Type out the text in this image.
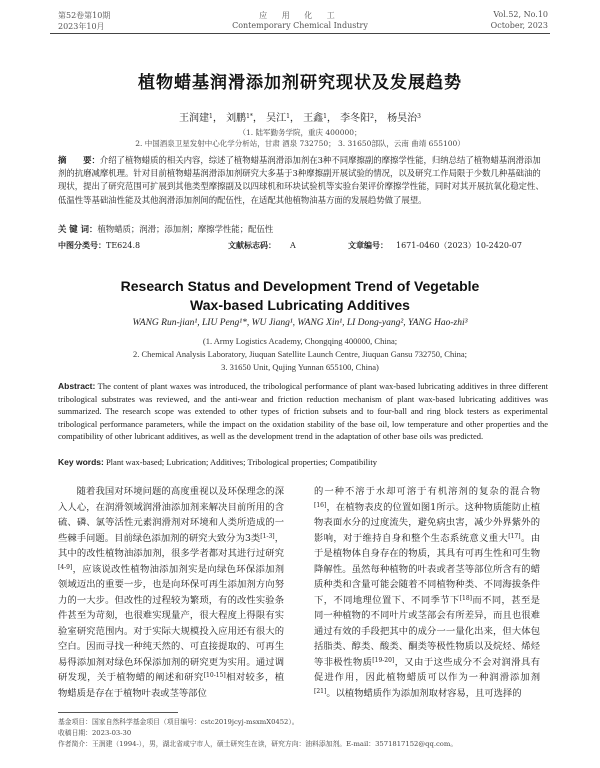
第52卷第10期
2023年10月
应 用 化 工
Contemporary Chemical Industry
Vol.52, No.10
October, 2023
植物蜡基润滑添加剂研究现状及发展趋势
王润建$^1$， 刘鹏$^{1*}$， 吴江$^1$， 王鑫$^1$， 李冬阳$^2$， 杨昊治$^3$
（1. 陆军勤务学院，重庆 400000；
2. 中国酒泉卫星发射中心化学分析站，甘肃 酒泉 732750； 3. 31650部队，云南 曲靖 655100）
摘　　要：介绍了植物蜡质的相关内容，综述了植物蜡基润滑添加剂在3种不同摩擦副的摩擦学性能，归纳总结了植物蜡基润滑添加剂的抗磨减摩机理。针对目前植物蜡基润滑添加剂研究大多基于3种摩擦副开展试验的情况，以及研究工作局限于少数几种基础油的现状，提出了研究范围可扩展到其他类型摩擦副及以四球机和环块试验机等实验台架评价摩擦学性能，同时对其开展抗氧化稳定性、低温性等基础油性能及其他润滑添加剂间的配伍性，在适配其他植物油基方面的发展趋势做了展望。
关 键 词：植物蜡质；润滑；添加剂；摩擦学性能；配伍性
中图分类号：TE624.8	文献标志码： A	文章编号： 1671-0460（2023）10-2420-07
Research Status and Development Trend of Vegetable
Wax-based Lubricating Additives
WANG Run-jian¹, LIU Peng¹*, WU Jiang¹, WANG Xin¹, LI Dong-yang², YANG Hao-zhi³
(1. Army Logistics Academy, Chongqing 400000, China;
2. Chemical Analysis Laboratory, Jiuquan Satellite Launch Centre, Jiuquan Gansu 732750, China;
3. 31650 Unit, Qujing Yunnan 655100, China)
Abstract: The content of plant waxes was introduced, the tribological performance of plant wax-based lubricating additives in three different tribological substrates was reviewed, and the anti-wear and friction reduction mechanism of plant wax-based lubricating additives was summarized. The research scope was extended to other types of friction subsets and to four-ball and ring block testers as experimental tribological performance parameters, while the impact on the oxidation stability of the base oil, low temperature and other properties and the compatibility of other lubricant additives, as well as the development trend in the adaptation of other base oils was predicted.
Key words: Plant wax-based; Lubrication; Additives; Tribological properties; Compatibility

随着我国对环境问题的高度重视以及环保理念的深入人心，在润滑领域润滑油添加剂来解决目前所用的含硫、磷、氯等活性元素润滑剂对环境和人类所造成的一些棘手问题。目前绿色添加剂的研究大致分为3类[1-3]，其中的改性植物油添加剂，很多学者都对其进行过研究[4-9]，应该说改性植物油添加剂实是向绿色环保添加剂领域迈出的重要一步，也是向环保可再生添加剂方向努力的一大步。但改性的过程较为繁琐，有的改性实验条件甚至为苛刻，也很难实现量产，很大程度上得限有实验室研究范围内。对于实际大规模投入应用还有很大的空白。因而寻找一种纯天然的、可直接提取的、可再生易得添加剂对绿色环保添加剂的研究更为实用。通过调研发现，关于植物蜡的阐述和研究[10-15]相对较多，植物蜡质是存在于植物叶表或茎等部位

的一种不溶于水却可溶于有机溶剂的复杂的混合物[16]，在植物表皮的位置如图1所示。这种物质能防止植物表面水分的过度流失，避免病虫害，减少外界紫外的影响，对于维持自身和整个生态系统意义重大[17]。由于是植物体自身存在的物质，其具有可再生性和可生物降解性。虽然每种植物的叶表或者茎等部位所含有的蜡质种类和含量可能会随着不同植物种类、不同海拔条件下，不同地理位置下、不同季节下[18]而不同，甚至是同一种植物的不同叶片或茎部会有所差异，而且也很难通过有效的手段把其中的成分一一量化出来，但大体包括脂类、醇类、酸类、酮类等极性物质以及烷烃、烯烃等非极性物质[19-20]，又由于这些成分不会对润滑具有促进作用，因此植物蜡质可以作为一种润滑添加剂[21]。以植物蜡质作为添加剂取材容易，且可选择的
基金项目：国家自然科学基金项目（项目编号：cstc2019jcyj-msxmX0452）。
收稿日期：2023-03-30
作者简介：王润建（1994-），男，湖北省咸宁市人，硕士研究生在读，研究方向：油料添加剂。E-mail：3571817152@qq.com。
